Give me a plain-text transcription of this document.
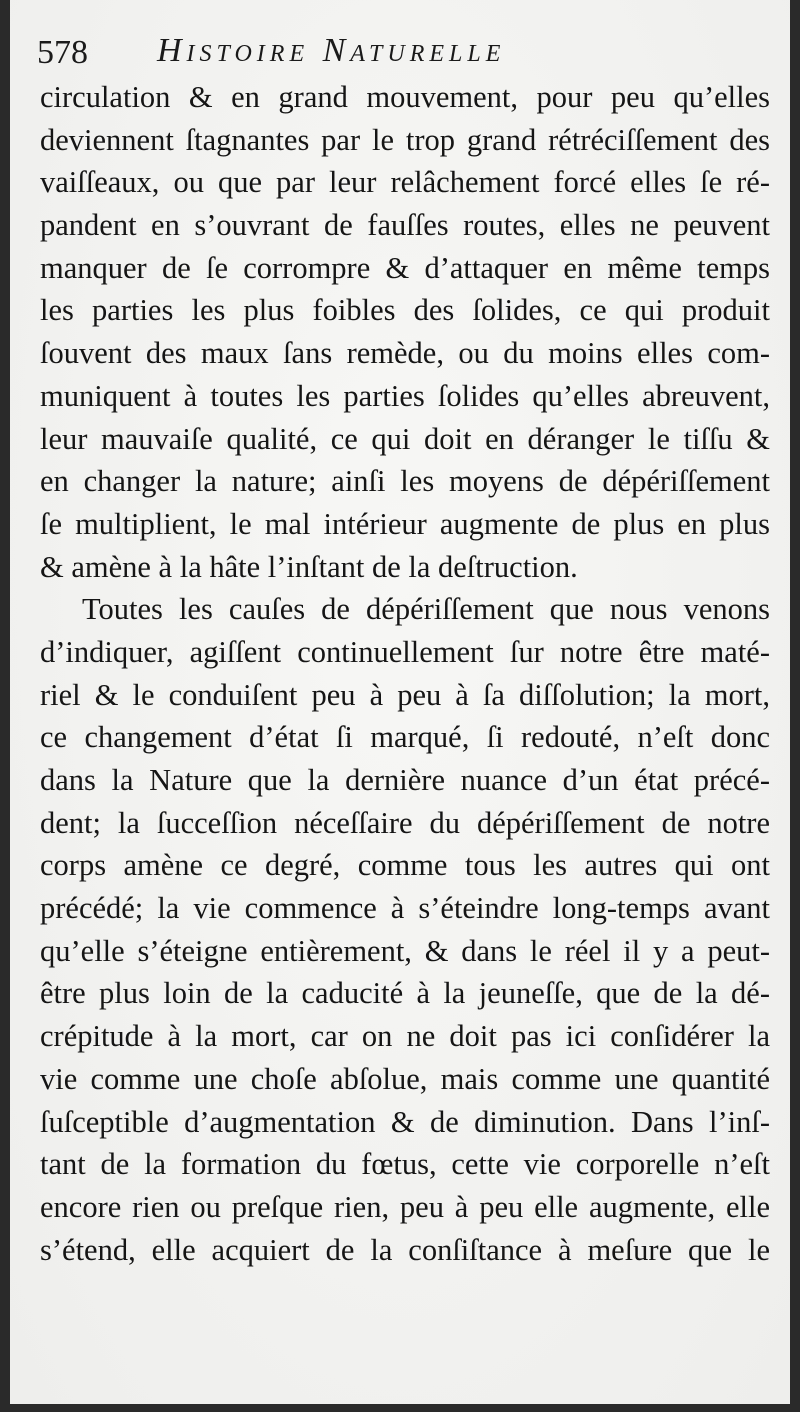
578 Histoire Naturelle
circulation & en grand mouvement, pour peu qu’elles
deviennent ſtagnantes par le trop grand rétréciſſement des
vaiſſeaux, ou que par leur relâchement forcé elles ſe ré-
pandent en s’ouvrant de fauſſes routes, elles ne peuvent
manquer de ſe corrompre & d’attaquer en même temps
les parties les plus foibles des ſolides, ce qui produit
ſouvent des maux ſans remède, ou du moins elles com-
muniquent à toutes les parties ſolides qu’elles abreuvent,
leur mauvaiſe qualité, ce qui doit en déranger le tiſſu &
en changer la nature; ainſi les moyens de dépériſſement
ſe multiplient, le mal intérieur augmente de plus en plus
& amène à la hâte l’inſtant de la deſtruction.
Toutes les cauſes de dépériſſement que nous venons
d’indiquer, agiſſent continuellement ſur notre être maté-
riel & le conduiſent peu à peu à ſa diſſolution; la mort,
ce changement d’état ſi marqué, ſi redouté, n’eſt donc
dans la Nature que la dernière nuance d’un état précé-
dent; la ſucceſſion néceſſaire du dépériſſement de notre
corps amène ce degré, comme tous les autres qui ont
précédé; la vie commence à s’éteindre long-temps avant
qu’elle s’éteigne entièrement, & dans le réel il y a peut-
être plus loin de la caducité à la jeuneſſe, que de la dé-
crépitude à la mort, car on ne doit pas ici conſidérer la
vie comme une choſe abſolue, mais comme une quantité
ſuſceptible d’augmentation & de diminution. Dans l’inſ-
tant de la formation du fœtus, cette vie corporelle n’eſt
encore rien ou preſque rien, peu à peu elle augmente, elle
s’étend, elle acquiert de la conſiſtance à meſure que le
